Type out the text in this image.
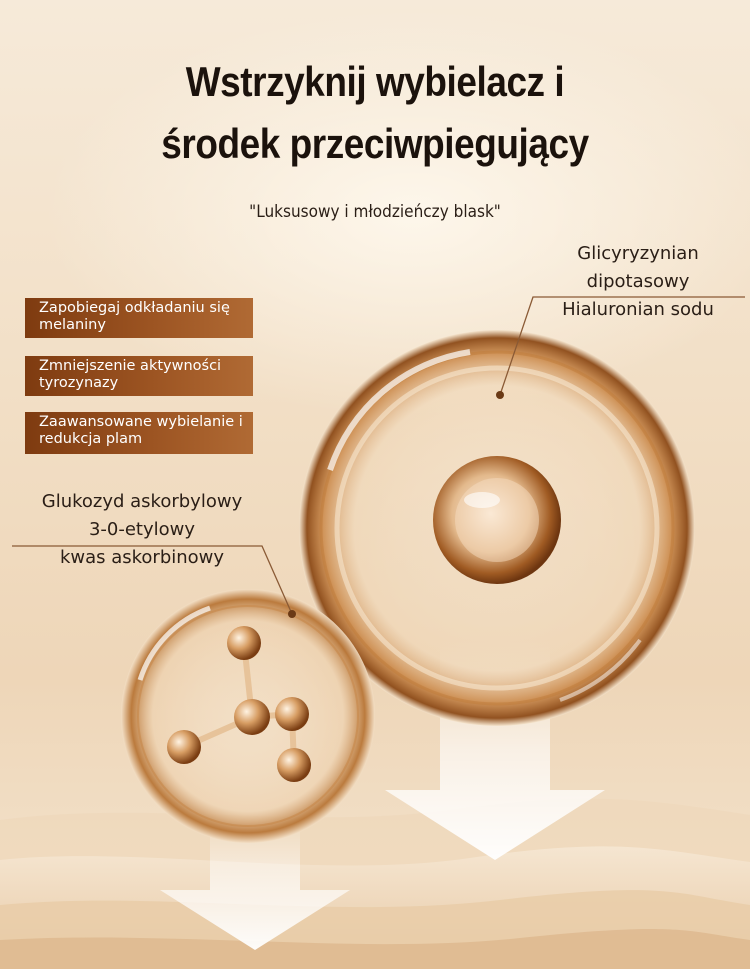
Wstrzyknij wybielacz i
środek przeciwpiegujący
"Luksusowy i młodzieńczy blask"
Zapobiegaj odkładaniu się melaniny
Zmniejszenie aktywności tyrozynazy
Zaawansowane wybielanie i redukcja plam
Glicyryzynian
dipotasowy
Hialuronian sodu
Glukozyd askorbylowy
3-0-etylowy
kwas askorbinowy
